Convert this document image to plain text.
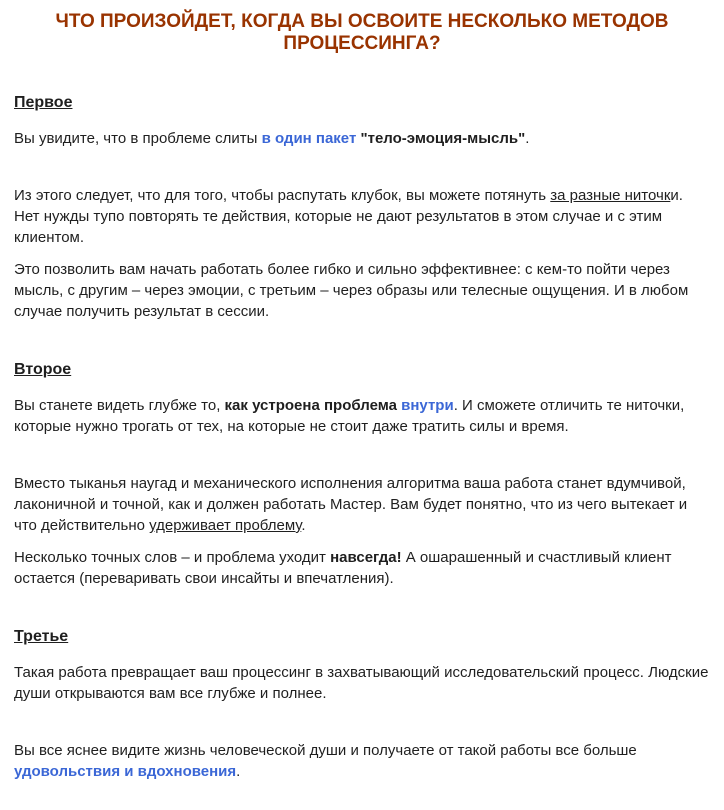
ЧТО ПРОИЗОЙДЕТ, КОГДА ВЫ ОСВОИТЕ НЕСКОЛЬКО МЕТОДОВ ПРОЦЕССИНГА?
Первое

Вы увидите, что в проблеме слиты в один пакет "тело-эмоция-мысль".

Из этого следует, что для того, чтобы распутать клубок, вы можете потянуть за разные ниточки. Нет нужды тупо повторять те действия, которые не дают результатов в этом случае и с этим клиентом.

Это позволить вам начать работать более гибко и сильно эффективнее: с кем-то пойти через мысль, с другим – через эмоции, с третьим – через образы или телесные ощущения. И в любом случае получить результат в сессии.

Второе

Вы станете видеть глубже то, как устроена проблема внутри. И сможете отличить те ниточки, которые нужно трогать от тех, на которые не стоит даже тратить силы и время.

Вместо тыканья наугад и механического исполнения алгоритма ваша работа станет вдумчивой, лаконичной и точной, как и должен работать Мастер. Вам будет понятно, что из чего вытекает и что действительно удерживает проблему.

Несколько точных слов – и проблема уходит навсегда! А ошарашенный и счастливый клиент остается (переваривать свои инсайты и впечатления).

Третье

Такая работа превращает ваш процессинг в захватывающий исследовательский процесс. Людские души открываются вам все глубже и полнее.

Вы все яснее видите жизнь человеческой души и получаете от такой работы все больше удовольствия и вдохновения.
